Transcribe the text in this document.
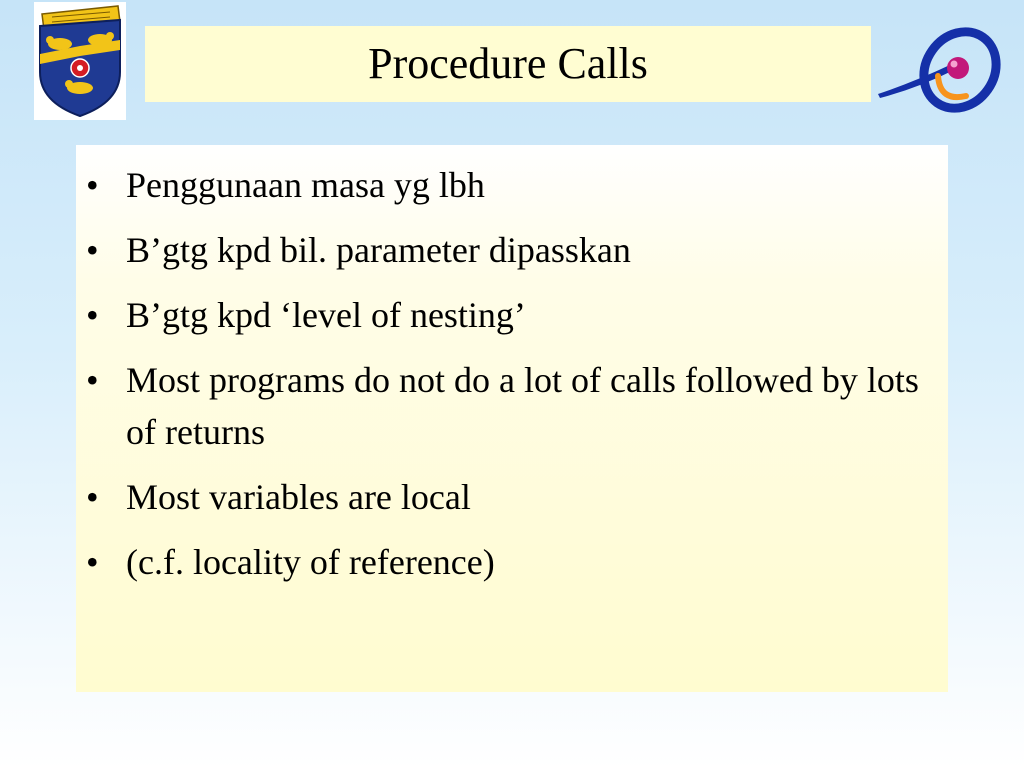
Procedure Calls
• Penggunaan masa yg lbh
• B’gtg kpd bil. parameter dipasskan
• B’gtg kpd ‘level of nesting’
• Most programs do not do a lot of calls followed by lots of returns
• Most variables are local
• (c.f. locality of reference)
